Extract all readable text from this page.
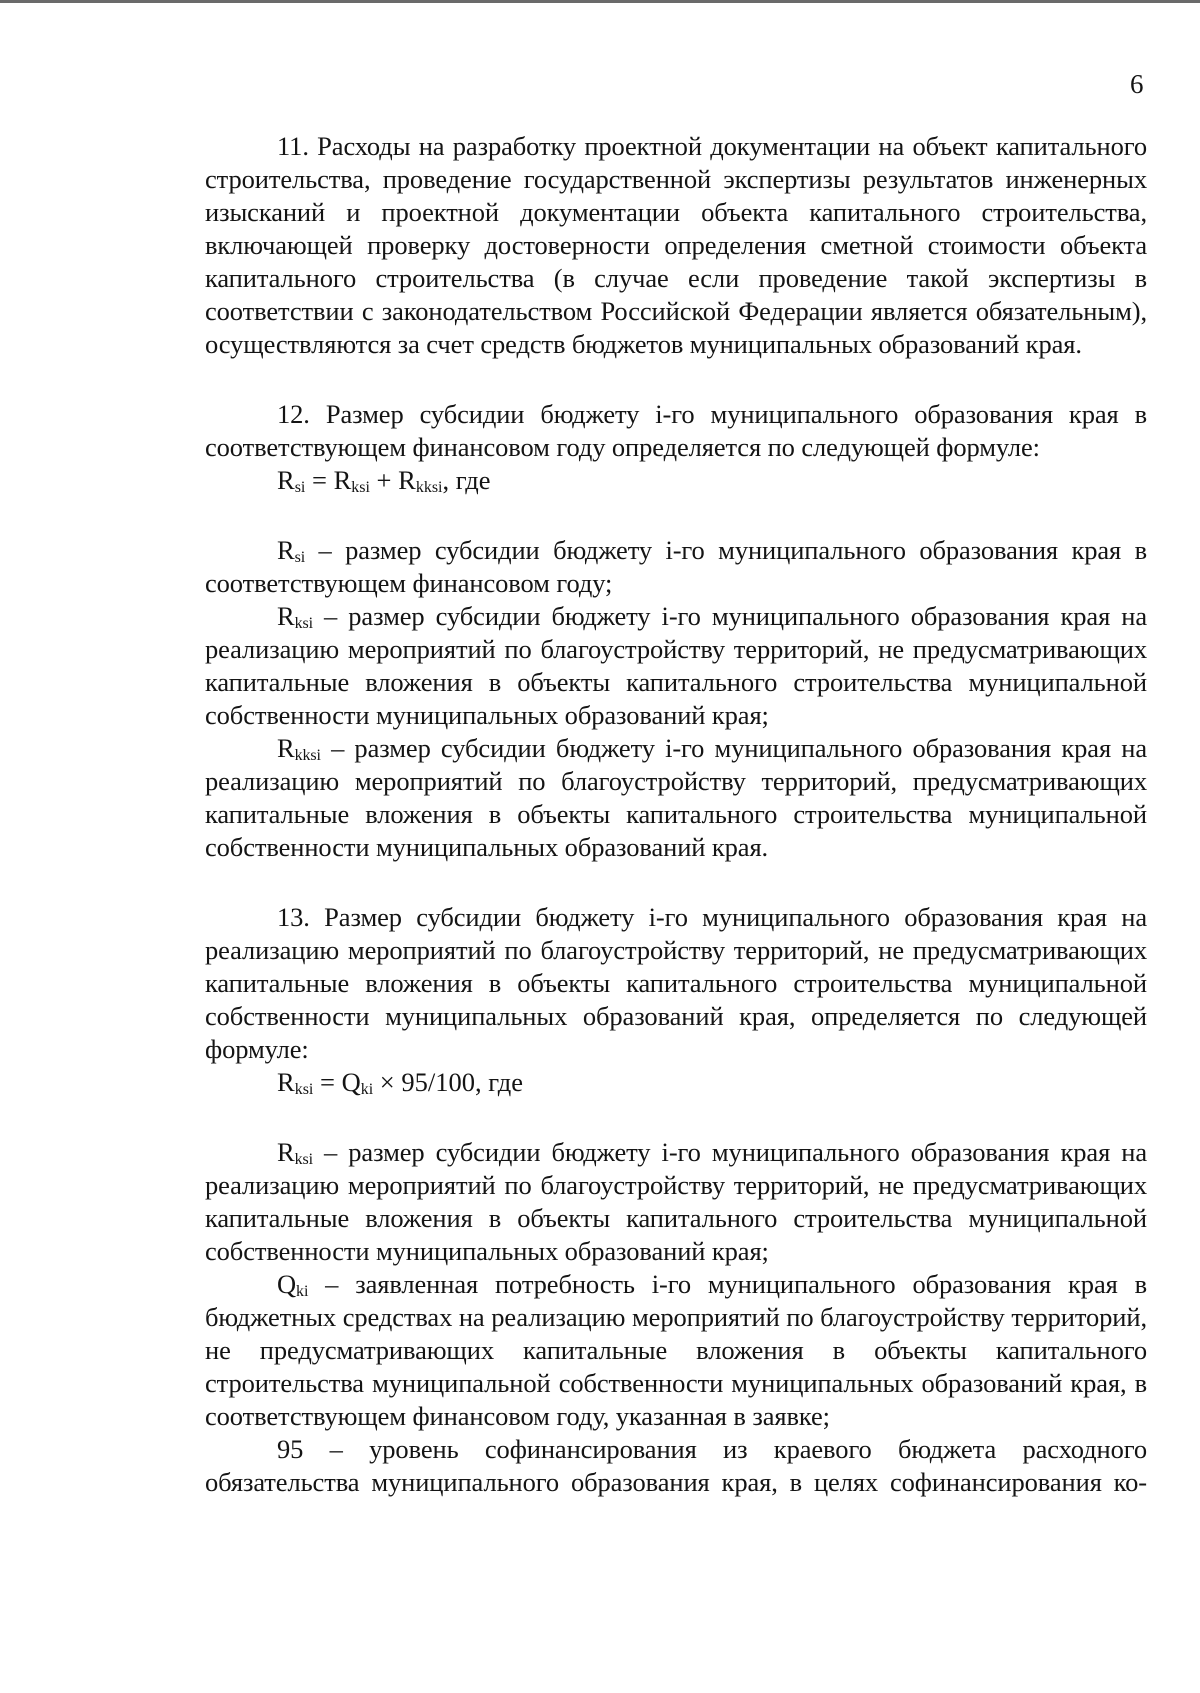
6

11. Расходы на разработку проектной документации на объект капитального строительства, проведение государственной экспертизы результатов инженерных изысканий и проектной документации объекта капитального строительства, включающей проверку достоверности определения сметной стоимости объекта капитального строительства (в случае если проведение такой экспертизы в соответствии с законодательством Российской Федерации является обязательным), осуществляются за счет средств бюджетов муниципальных образований края.

12. Размер субсидии бюджету i-го муниципального образования края в соответствующем финансовом году определяется по следующей формуле:

$R_{si} = R_{ksi} + R_{kksi}$, где

$R_{si}$ – размер субсидии бюджету i-го муниципального образования края в соответствующем финансовом году;

$R_{ksi}$ – размер субсидии бюджету i-го муниципального образования края на реализацию мероприятий по благоустройству территорий, не предусматривающих капитальные вложения в объекты капитального строительства муниципальной собственности муниципальных образований края;

$R_{kksi}$ – размер субсидии бюджету i-го муниципального образования края на реализацию мероприятий по благоустройству территорий, предусматривающих капитальные вложения в объекты капитального строительства муниципальной собственности муниципальных образований края.

13. Размер субсидии бюджету i-го муниципального образования края на реализацию мероприятий по благоустройству территорий, не предусматривающих капитальные вложения в объекты капитального строительства муниципальной собственности муниципальных образований края, определяется по следующей формуле:

$R_{ksi} = Q_{ki} \times 95/100$, где

$R_{ksi}$ – размер субсидии бюджету i-го муниципального образования края на реализацию мероприятий по благоустройству территорий, не предусматривающих капитальные вложения в объекты капитального строительства муниципальной собственности муниципальных образований края;

$Q_{ki}$ – заявленная потребность i-го муниципального образования края в бюджетных средствах на реализацию мероприятий по благоустройству территорий, не предусматривающих капитальные вложения в объекты капитального строительства муниципальной собственности муниципальных образований края, в соответствующем финансовом году, указанная в заявке;

95 – уровень софинансирования из краевого бюджета расходного обязательства муниципального образования края, в целях софинансирования ко-
